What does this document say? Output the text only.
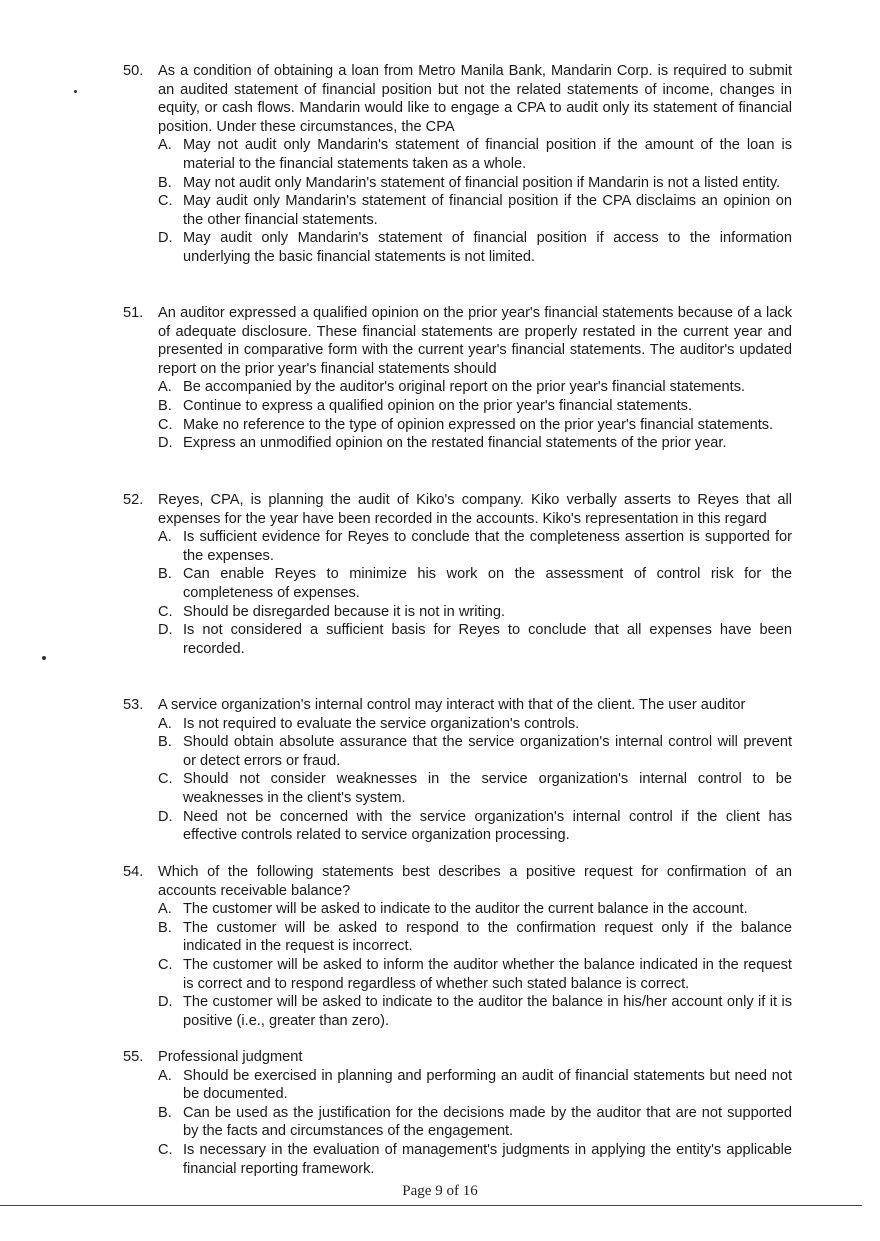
50.	As a condition of obtaining a loan from Metro Manila Bank, Mandarin Corp. is required to submit an audited statement of financial position but not the related statements of income, changes in equity, or cash flows. Mandarin would like to engage a CPA to audit only its statement of financial position. Under these circumstances, the CPA
A. May not audit only Mandarin's statement of financial position if the amount of the loan is material to the financial statements taken as a whole.
B. May not audit only Mandarin's statement of financial position if Mandarin is not a listed entity.
C. May audit only Mandarin's statement of financial position if the CPA disclaims an opinion on the other financial statements.
D. May audit only Mandarin's statement of financial position if access to the information underlying the basic financial statements is not limited.
51.	An auditor expressed a qualified opinion on the prior year's financial statements because of a lack of adequate disclosure. These financial statements are properly restated in the current year and presented in comparative form with the current year's financial statements. The auditor's updated report on the prior year's financial statements should
A. Be accompanied by the auditor's original report on the prior year's financial statements.
B. Continue to express a qualified opinion on the prior year's financial statements.
C. Make no reference to the type of opinion expressed on the prior year's financial statements.
D. Express an unmodified opinion on the restated financial statements of the prior year.
52.	Reyes, CPA, is planning the audit of Kiko's company. Kiko verbally asserts to Reyes that all expenses for the year have been recorded in the accounts. Kiko's representation in this regard
A. Is sufficient evidence for Reyes to conclude that the completeness assertion is supported for the expenses.
B. Can enable Reyes to minimize his work on the assessment of control risk for the completeness of expenses.
C. Should be disregarded because it is not in writing.
D. Is not considered a sufficient basis for Reyes to conclude that all expenses have been recorded.
53.	A service organization's internal control may interact with that of the client. The user auditor
A. Is not required to evaluate the service organization's controls.
B. Should obtain absolute assurance that the service organization's internal control will prevent or detect errors or fraud.
C. Should not consider weaknesses in the service organization's internal control to be weaknesses in the client's system.
D. Need not be concerned with the service organization's internal control if the client has effective controls related to service organization processing.
54.	Which of the following statements best describes a positive request for confirmation of an accounts receivable balance?
A. The customer will be asked to indicate to the auditor the current balance in the account.
B. The customer will be asked to respond to the confirmation request only if the balance indicated in the request is incorrect.
C. The customer will be asked to inform the auditor whether the balance indicated in the request is correct and to respond regardless of whether such stated balance is correct.
D. The customer will be asked to indicate to the auditor the balance in his/her account only if it is positive (i.e., greater than zero).
55.	Professional judgment
A. Should be exercised in planning and performing an audit of financial statements but need not be documented.
B. Can be used as the justification for the decisions made by the auditor that are not supported by the facts and circumstances of the engagement.
C. Is necessary in the evaluation of management's judgments in applying the entity's applicable financial reporting framework.
Page 9 of 16
